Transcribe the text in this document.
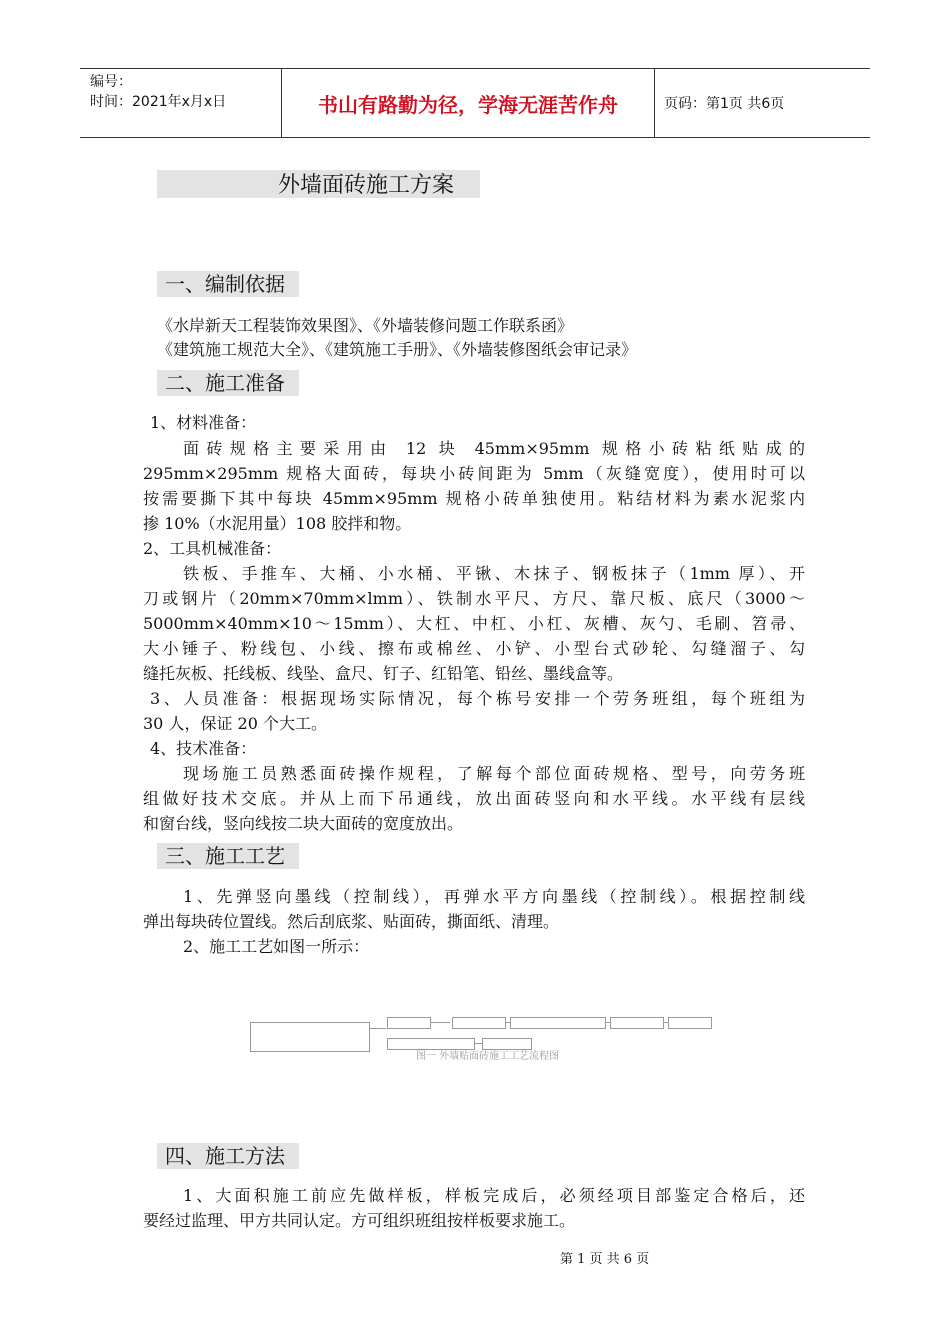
编号：
时间：2021年x月x日	书山有路勤为径，学海无涯苦作舟	页码：第1页 共6页
外墙面砖施工方案
一、编制依据
《水岸新天工程装饰效果图》、《外墙装修问题工作联系函》
《建筑施工规范大全》、《建筑施工手册》、《外墙装修图纸会审记录》
二、施工准备
1、材料准备：
面砖规格主要采用由 12 块 45mm×95mm 规格小砖粘纸贴成的
295mm×295mm 规格大面砖，每块小砖间距为 5mm（灰缝宽度），使用时可以
按需要撕下其中每块 45mm×95mm 规格小砖单独使用。粘结材料为素水泥浆内
掺 10%（水泥用量）108 胶拌和物。
2、工具机械准备：
铁板、手推车、大桶、小水桶、平锹、木抹子、钢板抹子（1mm 厚）、开
刀或钢片（20mm×70mm×lmm）、铁制水平尺、方尺、靠尺板、底尺（3000～
5000mm×40mm×10～15mm）、大杠、中杠、小杠、灰槽、灰勺、毛刷、笤帚、
大小锤子、粉线包、小线、擦布或棉丝、小铲、小型台式砂轮、勾缝溜子、勾
缝托灰板、托线板、线坠、盒尺、钉子、红铅笔、铅丝、墨线盒等。
3、人员准备：根据现场实际情况，每个栋号安排一个劳务班组，每个班组为
30 人，保证 20 个大工。
4、技术准备：
现场施工员熟悉面砖操作规程，了解每个部位面砖规格、型号，向劳务班
组做好技术交底。并从上而下吊通线，放出面砖竖向和水平线。水平线有层线
和窗台线，竖向线按二块大面砖的宽度放出。
三、施工工艺
1、先弹竖向墨线（控制线），再弹水平方向墨线（控制线）。根据控制线
弹出每块砖位置线。然后刮底浆、贴面砖，撕面纸、清理。
2、施工工艺如图一所示：
图一 外墙贴面砖施工工艺流程图
四、施工方法
1、大面积施工前应先做样板，样板完成后，必须经项目部鉴定合格后，还
要经过监理、甲方共同认定。方可组织班组按样板要求施工。
第 1 页 共 6 页
